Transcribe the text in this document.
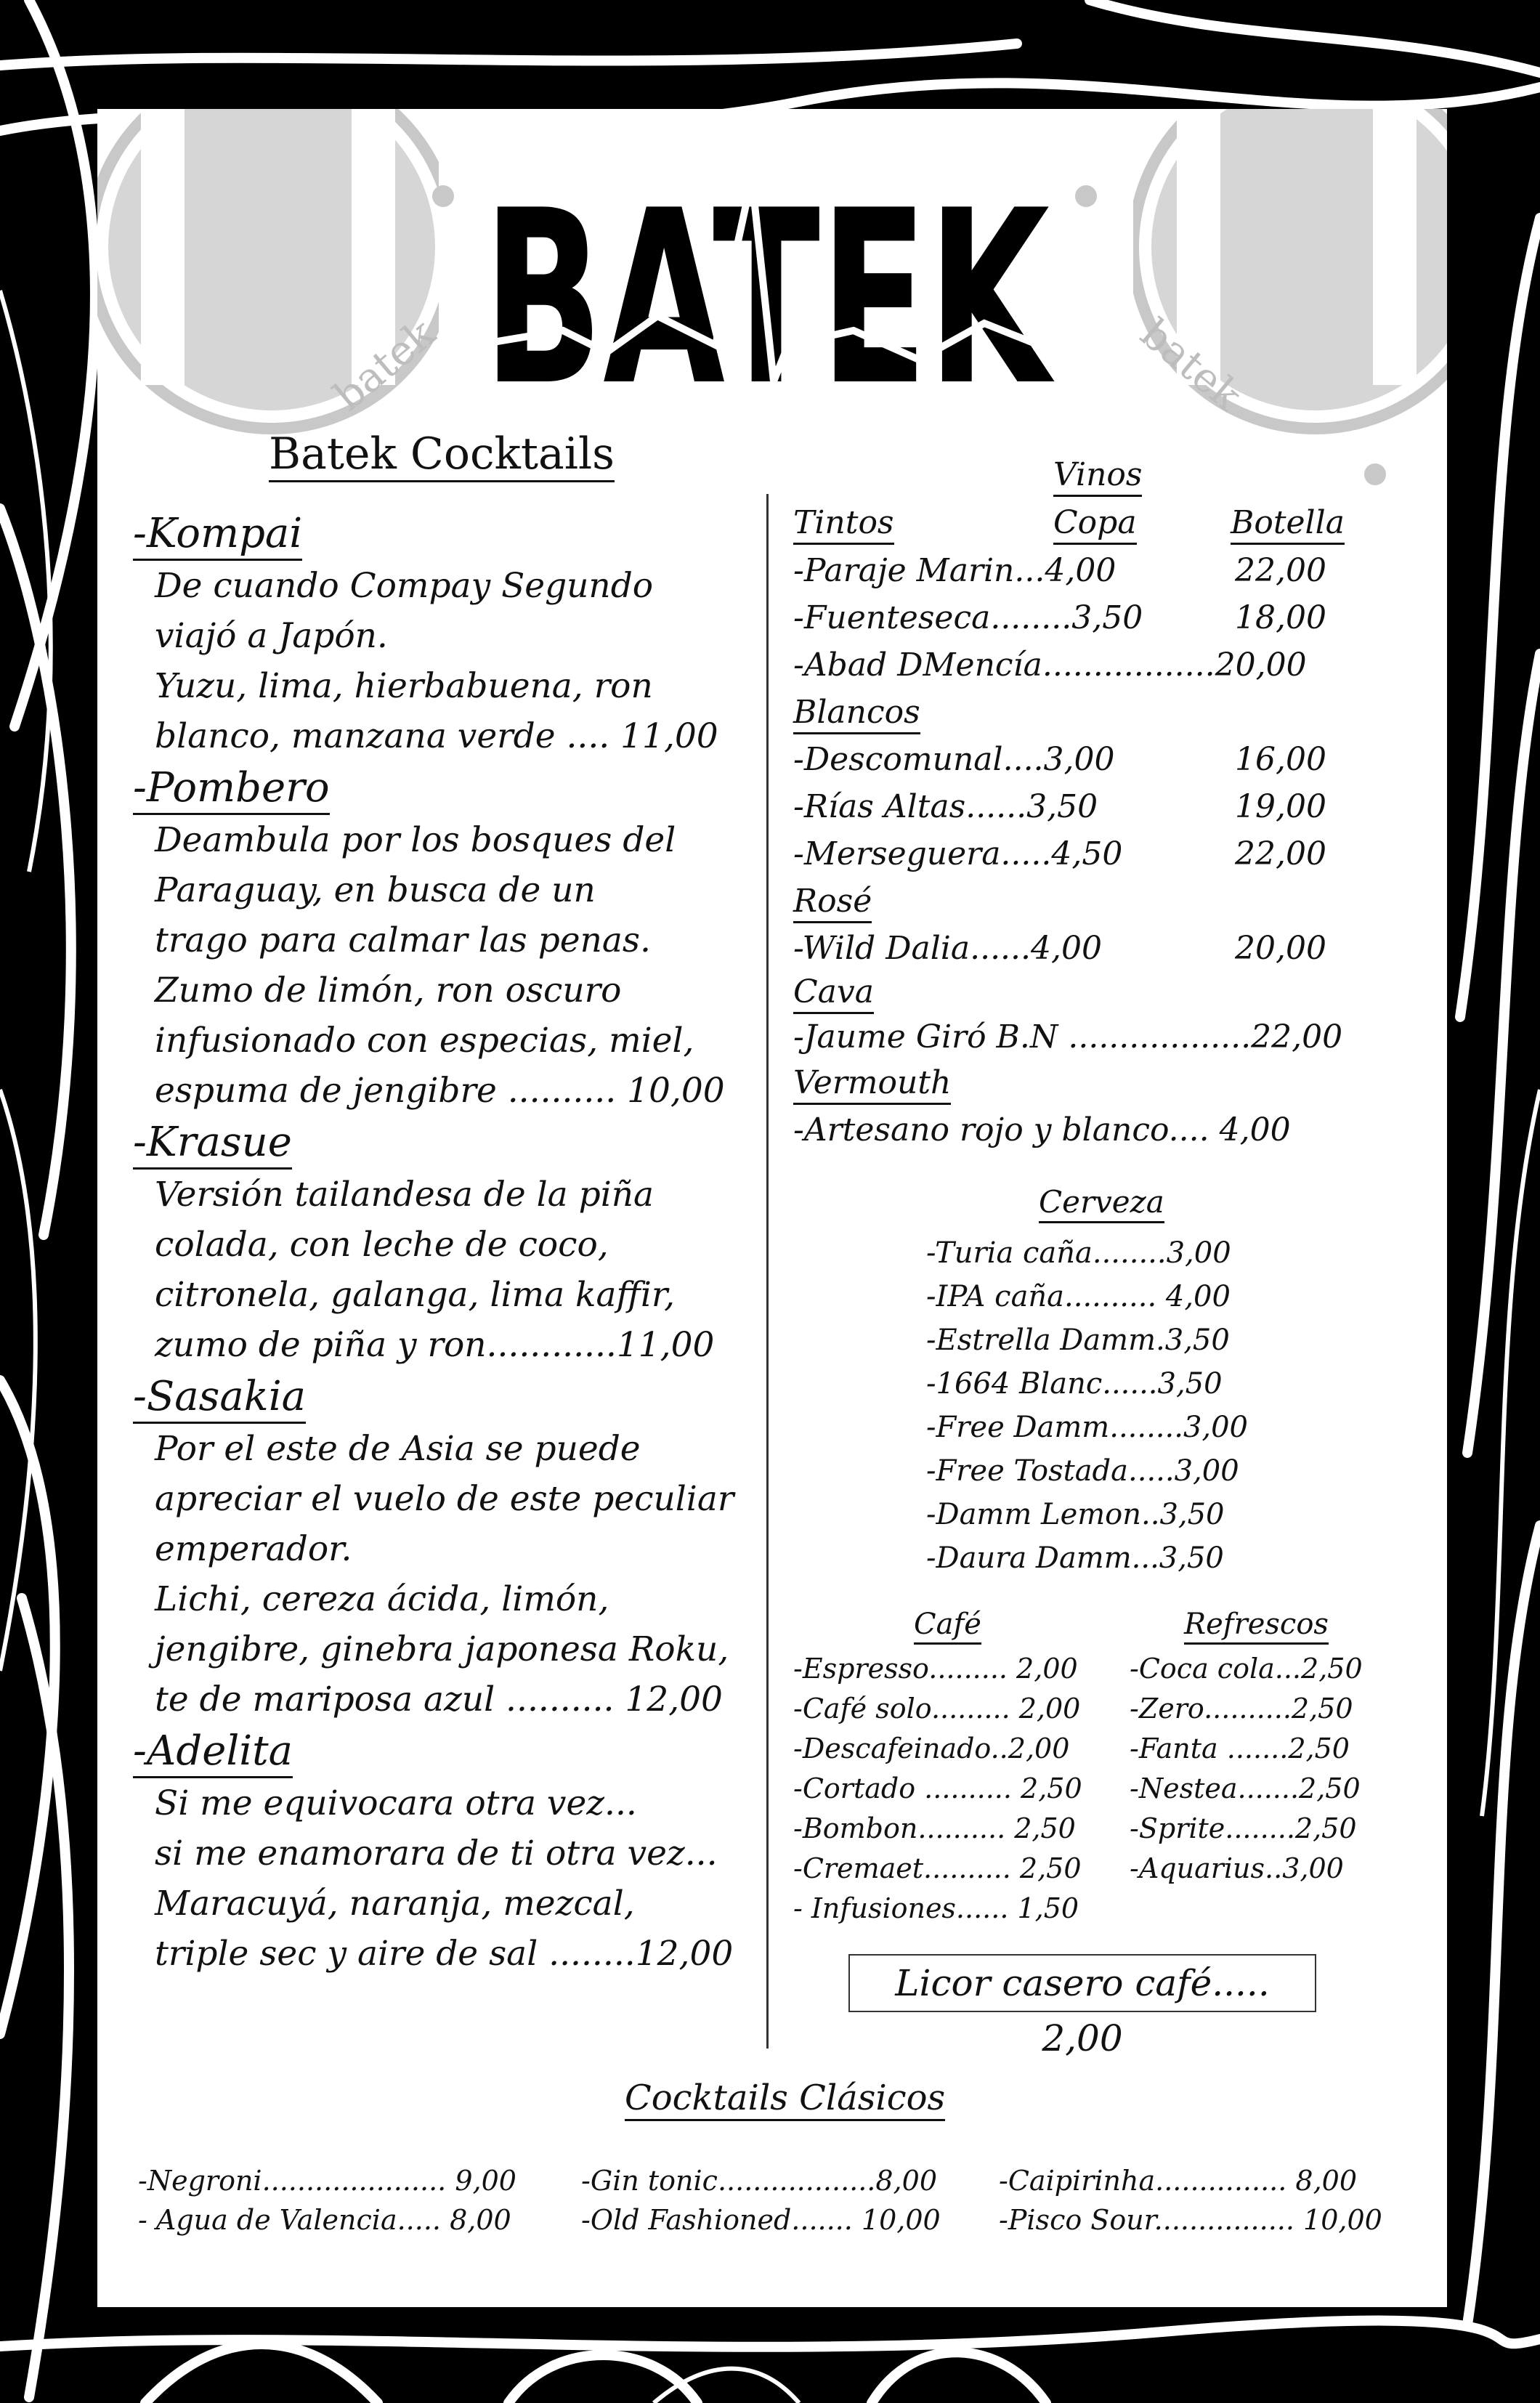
batek	batek
BATEK
Batek Cocktails
-Kompai
De cuando Compay Segundo
viajó a Japón.
Yuzu, lima, hierbabuena, ron
blanco, manzana verde .... 11,00
-Pombero
Deambula por los bosques del
Paraguay, en busca de un
trago para calmar las penas.
Zumo de limón, ron oscuro
infusionado con especias, miel,
espuma de jengibre .......... 10,00
-Krasue
Versión tailandesa de la piña
colada, con leche de coco,
citronela, galanga, lima kaffir,
zumo de piña y ron............11,00
-Sasakia
Por el este de Asia se puede
apreciar el vuelo de este peculiar
emperador.
Lichi, cereza ácida, limón,
jengibre, ginebra japonesa Roku,
te de mariposa azul .......... 12,00
-Adelita
Si me equivocara otra vez...
si me enamorara de ti otra vez...
Maracuyá, naranja, mezcal,
triple sec y aire de sal ........12,00
Vinos
Tintos	Copa	Botella
-Paraje Marin...4,00	22,00
-Fuenteseca........3,50	18,00
-Abad DMencía.................20,00
Blancos
-Descomunal....3,00	16,00
-Rías Altas......3,50	19,00
-Merseguera.....4,50	22,00
Rosé
-Wild Dalia......4,00	20,00
Cava
-Jaume Giró B.N ..................22,00
Vermouth
-Artesano rojo y blanco.... 4,00
Cerveza
-Turia caña........3,00
-IPA caña.......... 4,00
-Estrella Damm.3,50
-1664 Blanc......3,50
-Free Damm........3,00
-Free Tostada.....3,00
-Damm Lemon..3,50
-Daura Damm...3,50
Café
-Espresso......... 2,00
-Café solo......... 2,00
-Descafeinado..2,00
-Cortado .......... 2,50
-Bombon.......... 2,50
-Cremaet.......... 2,50
- Infusiones...... 1,50
Refrescos
-Coca cola...2,50
-Zero..........2,50
-Fanta .......2,50
-Nestea.......2,50
-Sprite........2,50
-Aquarius..3,00
Licor casero café..... 2,00
Cocktails Clásicos
-Negroni..................... 9,00
- Agua de Valencia..... 8,00
-Gin tonic..................8,00
-Old Fashioned....... 10,00
-Caipirinha............... 8,00
-Pisco Sour................ 10,00
